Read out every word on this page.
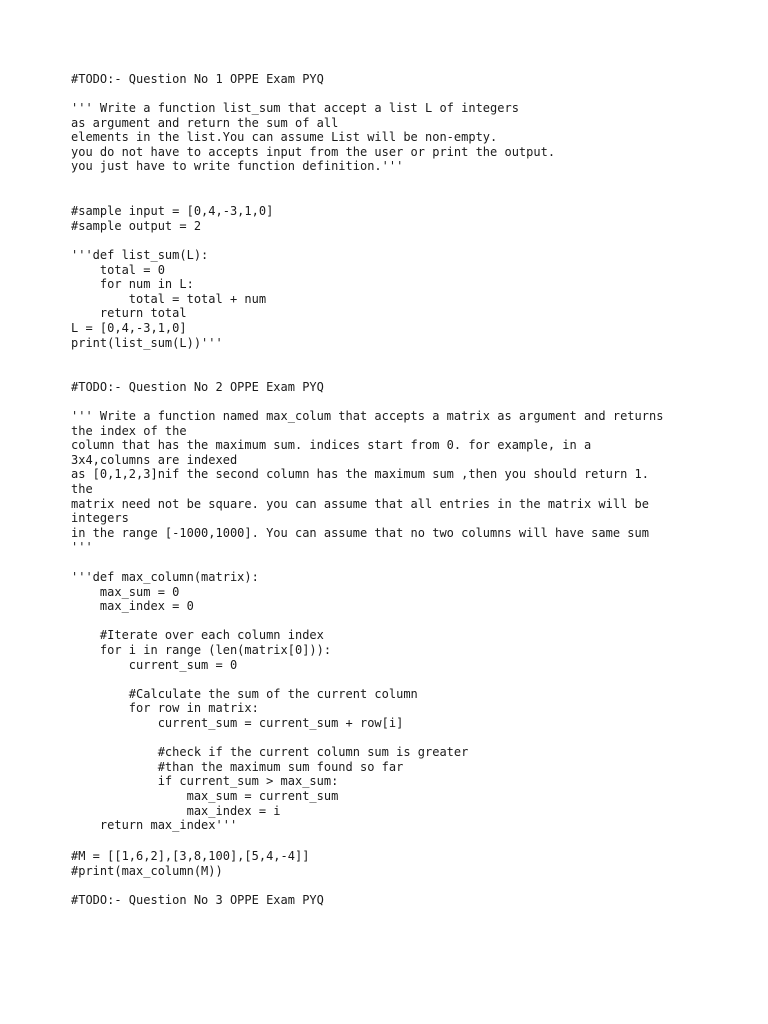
#TODO:- Question No 1 OPPE Exam PYQ
''' Write a function list_sum that accept a list L of integers
as argument and return the sum of all
elements in the list.You can assume List will be non-empty.
you do not have to accepts input from the user or print the output.
you just have to write function definition.'''
#sample input = [0,4,-3,1,0]
#sample output = 2
'''def list_sum(L):
total = 0
for num in L:
total = total + num
return total
L = [0,4,-3,1,0]
print(list_sum(L))'''
#TODO:- Question No 2 OPPE Exam PYQ
''' Write a function named max_colum that accepts a matrix as argument and returns
the index of the
column that has the maximum sum. indices start from 0. for example, in a
3x4,columns are indexed
as [0,1,2,3]nif the second column has the maximum sum ,then you should return 1.
the
matrix need not be square. you can assume that all entries in the matrix will be
integers
in the range [-1000,1000]. You can assume that no two columns will have same sum
'''
'''def max_column(matrix):
max_sum = 0
max_index = 0

#Iterate over each column index
for i in range (len(matrix[0])):
current_sum = 0

#Calculate the sum of the current column
for row in matrix:
current_sum = current_sum + row[i]

#check if the current column sum is greater
#than the maximum sum found so far
if current_sum > max_sum:
max_sum = current_sum
max_index = i
return max_index'''
#M = [[1,6,2],[3,8,100],[5,4,-4]]
#print(max_column(M))
#TODO:- Question No 3 OPPE Exam PYQ
